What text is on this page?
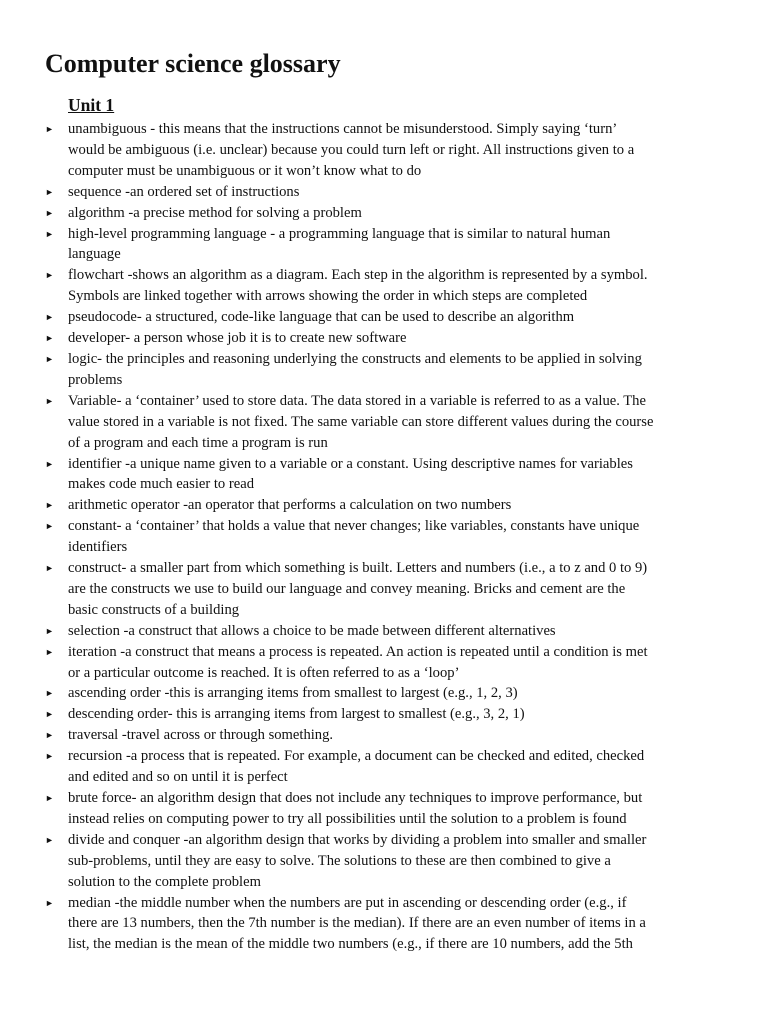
Computer science glossary
Unit 1
► unambiguous - this means that the instructions cannot be misunderstood. Simply saying ‘turn’
would be ambiguous (i.e. unclear) because you could turn left or right. All instructions given to a
computer must be unambiguous or it won’t know what to do
► sequence -an ordered set of instructions
► algorithm -a precise method for solving a problem
► high-level programming language - a programming language that is similar to natural human
language
► flowchart -shows an algorithm as a diagram. Each step in the algorithm is represented by a symbol.
Symbols are linked together with arrows showing the order in which steps are completed
► pseudocode- a structured, code-like language that can be used to describe an algorithm
► developer- a person whose job it is to create new software
► logic- the principles and reasoning underlying the constructs and elements to be applied in solving
problems
► Variable- a ‘container’ used to store data. The data stored in a variable is referred to as a value. The
value stored in a variable is not fixed. The same variable can store different values during the course
of a program and each time a program is run
► identifier -a unique name given to a variable or a constant. Using descriptive names for variables
makes code much easier to read
► arithmetic operator -an operator that performs a calculation on two numbers
► constant- a ‘container’ that holds a value that never changes; like variables, constants have unique
identifiers
► construct- a smaller part from which something is built. Letters and numbers (i.e., a to z and 0 to 9)
are the constructs we use to build our language and convey meaning. Bricks and cement are the
basic constructs of a building
► selection -a construct that allows a choice to be made between different alternatives
► iteration -a construct that means a process is repeated. An action is repeated until a condition is met
or a particular outcome is reached. It is often referred to as a ‘loop’
► ascending order -this is arranging items from smallest to largest (e.g., 1, 2, 3)
► descending order- this is arranging items from largest to smallest (e.g., 3, 2, 1)
► traversal -travel across or through something.
► recursion -a process that is repeated. For example, a document can be checked and edited, checked
and edited and so on until it is perfect
► brute force- an algorithm design that does not include any techniques to improve performance, but
instead relies on computing power to try all possibilities until the solution to a problem is found
► divide and conquer -an algorithm design that works by dividing a problem into smaller and smaller
sub-problems, until they are easy to solve. The solutions to these are then combined to give a
solution to the complete problem
► median -the middle number when the numbers are put in ascending or descending order (e.g., if
there are 13 numbers, then the 7th number is the median). If there are an even number of items in a
list, the median is the mean of the middle two numbers (e.g., if there are 10 numbers, add the 5th
